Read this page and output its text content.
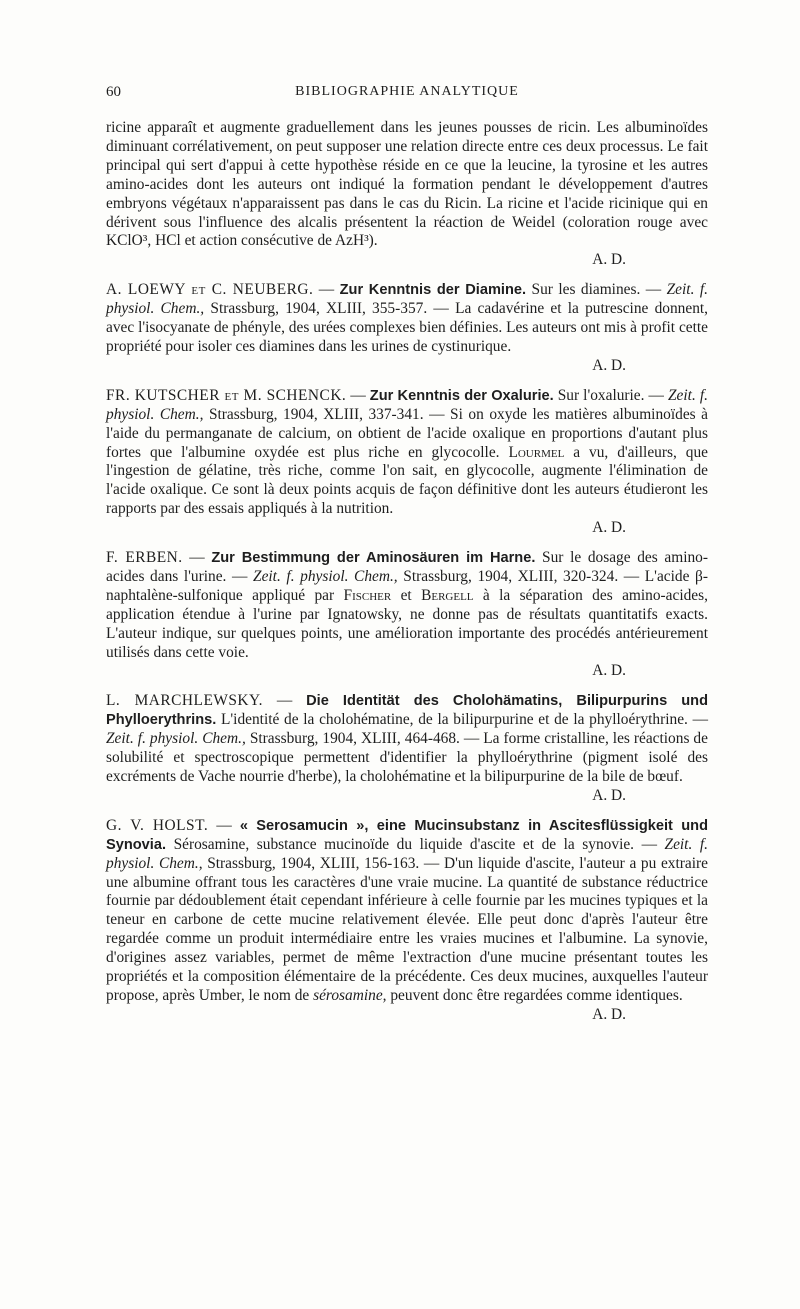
60	BIBLIOGRAPHIE ANALYTIQUE

ricine apparaît et augmente graduellement dans les jeunes pousses de ricin. Les albuminoïdes diminuant corrélativement, on peut supposer une relation directe entre ces deux processus. Le fait principal qui sert d'appui à cette hypothèse réside en ce que la leucine, la tyrosine et les autres amino-acides dont les auteurs ont indiqué la formation pendant le développement d'autres embryons végétaux n'apparaissent pas dans le cas du Ricin. La ricine et l'acide ricinique qui en dérivent sous l'influence des alcalis présentent la réaction de Weidel (coloration rouge avec KClO³, HCl et action consécutive de AzH³).

A. D.

A. LOEWY et C. NEUBERG. — Zur Kenntnis der Diamine. Sur les diamines. — Zeit. f. physiol. Chem., Strassburg, 1904, XLIII, 355-357. — La cadavérine et la putrescine donnent, avec l'isocyanate de phényle, des urées complexes bien définies. Les auteurs ont mis à profit cette propriété pour isoler ces diamines dans les urines de cystinurique.

A. D.

FR. KUTSCHER et M. SCHENCK. — Zur Kenntnis der Oxalurie. Sur l'oxalurie. — Zeit. f. physiol. Chem., Strassburg, 1904, XLIII, 337-341. — Si on oxyde les matières albuminoïdes à l'aide du permanganate de calcium, on obtient de l'acide oxalique en proportions d'autant plus fortes que l'albumine oxydée est plus riche en glycocolle. Lourmel a vu, d'ailleurs, que l'ingestion de gélatine, très riche, comme l'on sait, en glycocolle, augmente l'élimination de l'acide oxalique. Ce sont là deux points acquis de façon définitive dont les auteurs étudieront les rapports par des essais appliqués à la nutrition.

A. D.

F. ERBEN. — Zur Bestimmung der Aminosäuren im Harne. Sur le dosage des amino-acides dans l'urine. — Zeit. f. physiol. Chem., Strassburg, 1904, XLIII, 320-324. — L'acide β-naphtalène-sulfonique appliqué par Fischer et Bergell à la séparation des amino-acides, application étendue à l'urine par Ignatowsky, ne donne pas de résultats quantitatifs exacts. L'auteur indique, sur quelques points, une amélioration importante des procédés antérieurement utilisés dans cette voie.

A. D.

L. MARCHLEWSKY. — Die Identität des Cholohämatins, Bilipurpurins und Phylloerythrins. L'identité de la cholohématine, de la bilipurpurine et de la phylloérythrine. — Zeit. f. physiol. Chem., Strassburg, 1904, XLIII, 464-468. — La forme cristalline, les réactions de solubilité et spectroscopique permettent d'identifier la phylloérythrine (pigment isolé des excréments de Vache nourrie d'herbe), la cholohématine et la bilipurpurine de la bile de bœuf.

A. D.

G. V. HOLST. — « Serosamucin », eine Mucinsubstanz in Ascitesflüssigkeit und Synovia. Sérosamine, substance mucinoïde du liquide d'ascite et de la synovie. — Zeit. f. physiol. Chem., Strassburg, 1904, XLIII, 156-163. — D'un liquide d'ascite, l'auteur a pu extraire une albumine offrant tous les caractères d'une vraie mucine. La quantité de substance réductrice fournie par dédoublement était cependant inférieure à celle fournie par les mucines typiques et la teneur en carbone de cette mucine relativement élevée. Elle peut donc d'après l'auteur être regardée comme un produit intermédiaire entre les vraies mucines et l'albumine. La synovie, d'origines assez variables, permet de même l'extraction d'une mucine présentant toutes les propriétés et la composition élémentaire de la précédente. Ces deux mucines, auxquelles l'auteur propose, après Umber, le nom de sérosamine, peuvent donc être regardées comme identiques.

A. D.
